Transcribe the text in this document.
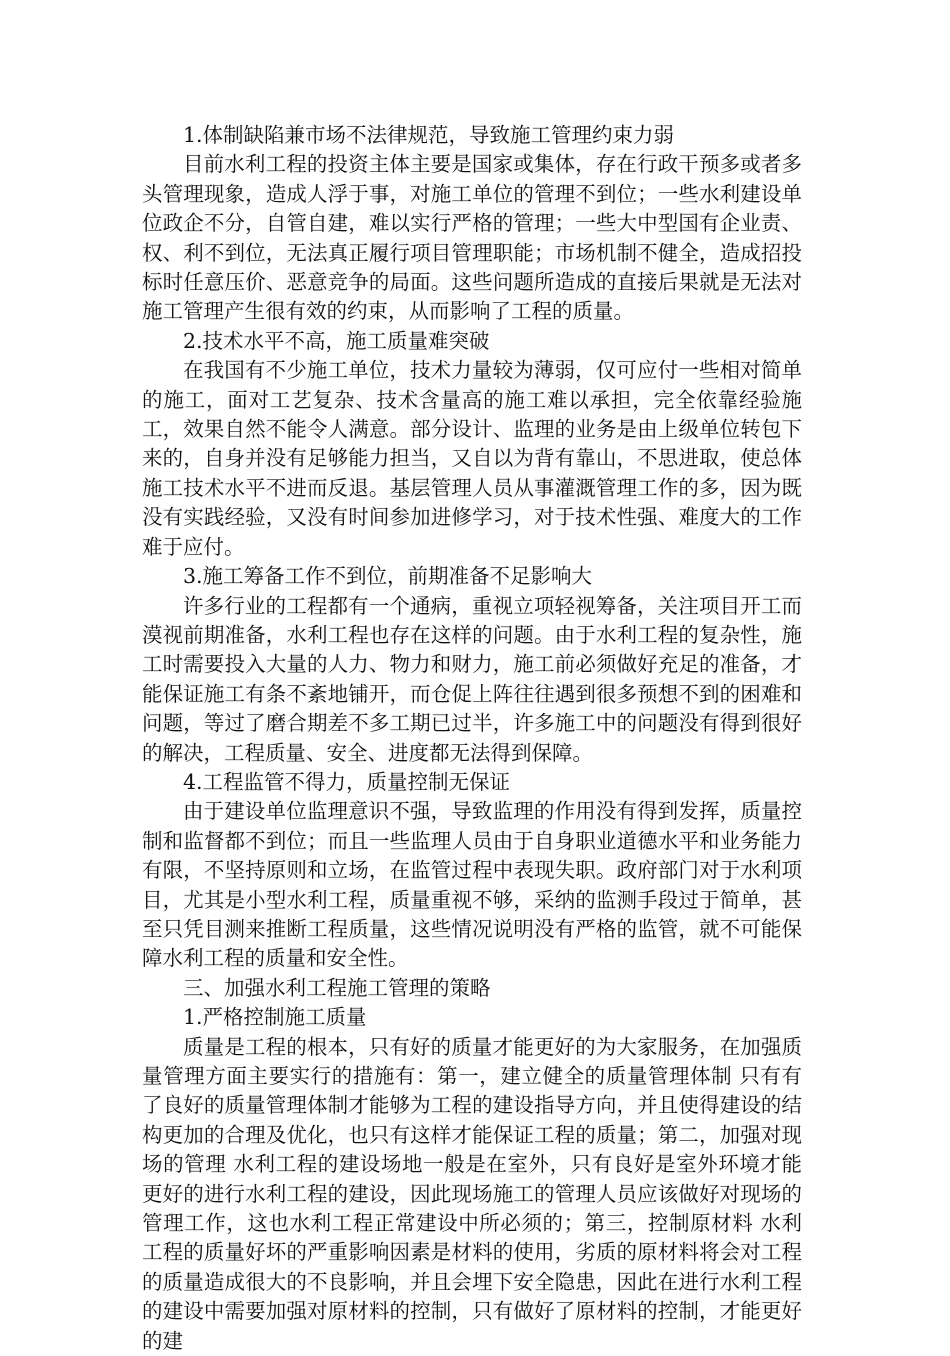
1.体制缺陷兼市场不法律规范，导致施工管理约束力弱

目前水利工程的投资主体主要是国家或集体，存在行政干预多或者多头管理现象，造成人浮于事，对施工单位的管理不到位；一些水利建设单位政企不分，自管自建，难以实行严格的管理；一些大中型国有企业责、权、利不到位，无法真正履行项目管理职能；市场机制不健全，造成招投标时任意压价、恶意竞争的局面。这些问题所造成的直接后果就是无法对施工管理产生很有效的约束，从而影响了工程的质量。

2.技术水平不高，施工质量难突破

在我国有不少施工单位，技术力量较为薄弱，仅可应付一些相对简单的施工，面对工艺复杂、技术含量高的施工难以承担，完全依靠经验施工，效果自然不能令人满意。部分设计、监理的业务是由上级单位转包下来的，自身并没有足够能力担当，又自以为背有靠山，不思进取，使总体施工技术水平不进而反退。基层管理人员从事灌溉管理工作的多，因为既没有实践经验，又没有时间参加进修学习，对于技术性强、难度大的工作难于应付。

3.施工筹备工作不到位，前期准备不足影响大

许多行业的工程都有一个通病，重视立项轻视筹备，关注项目开工而漠视前期准备，水利工程也存在这样的问题。由于水利工程的复杂性，施工时需要投入大量的人力、物力和财力，施工前必须做好充足的准备，才能保证施工有条不紊地铺开，而仓促上阵往往遇到很多预想不到的困难和问题，等过了磨合期差不多工期已过半，许多施工中的问题没有得到很好的解决，工程质量、安全、进度都无法得到保障。

4.工程监管不得力，质量控制无保证

由于建设单位监理意识不强，导致监理的作用没有得到发挥，质量控制和监督都不到位；而且一些监理人员由于自身职业道德水平和业务能力有限，不坚持原则和立场，在监管过程中表现失职。政府部门对于水利项目，尤其是小型水利工程，质量重视不够，采纳的监测手段过于简单，甚至只凭目测来推断工程质量，这些情况说明没有严格的监管，就不可能保障水利工程的质量和安全性。

三、加强水利工程施工管理的策略

1.严格控制施工质量

质量是工程的根本，只有好的质量才能更好的为大家服务，在加强质量管理方面主要实行的措施有：第一，建立健全的质量管理体制 只有有了良好的质量管理体制才能够为工程的建设指导方向，并且使得建设的结构更加的合理及优化，也只有这样才能保证工程的质量；第二，加强对现场的管理 水利工程的建设场地一般是在室外，只有良好是室外环境才能更好的进行水利工程的建设，因此现场施工的管理人员应该做好对现场的管理工作，这也水利工程正常建设中所必须的；第三，控制原材料 水利工程的质量好坏的严重影响因素是材料的使用，劣质的原材料将会对工程的质量造成很大的不良影响，并且会埋下安全隐患，因此在进行水利工程的建设中需要加强对原材料的控制，只有做好了原材料的控制，才能更好的建
